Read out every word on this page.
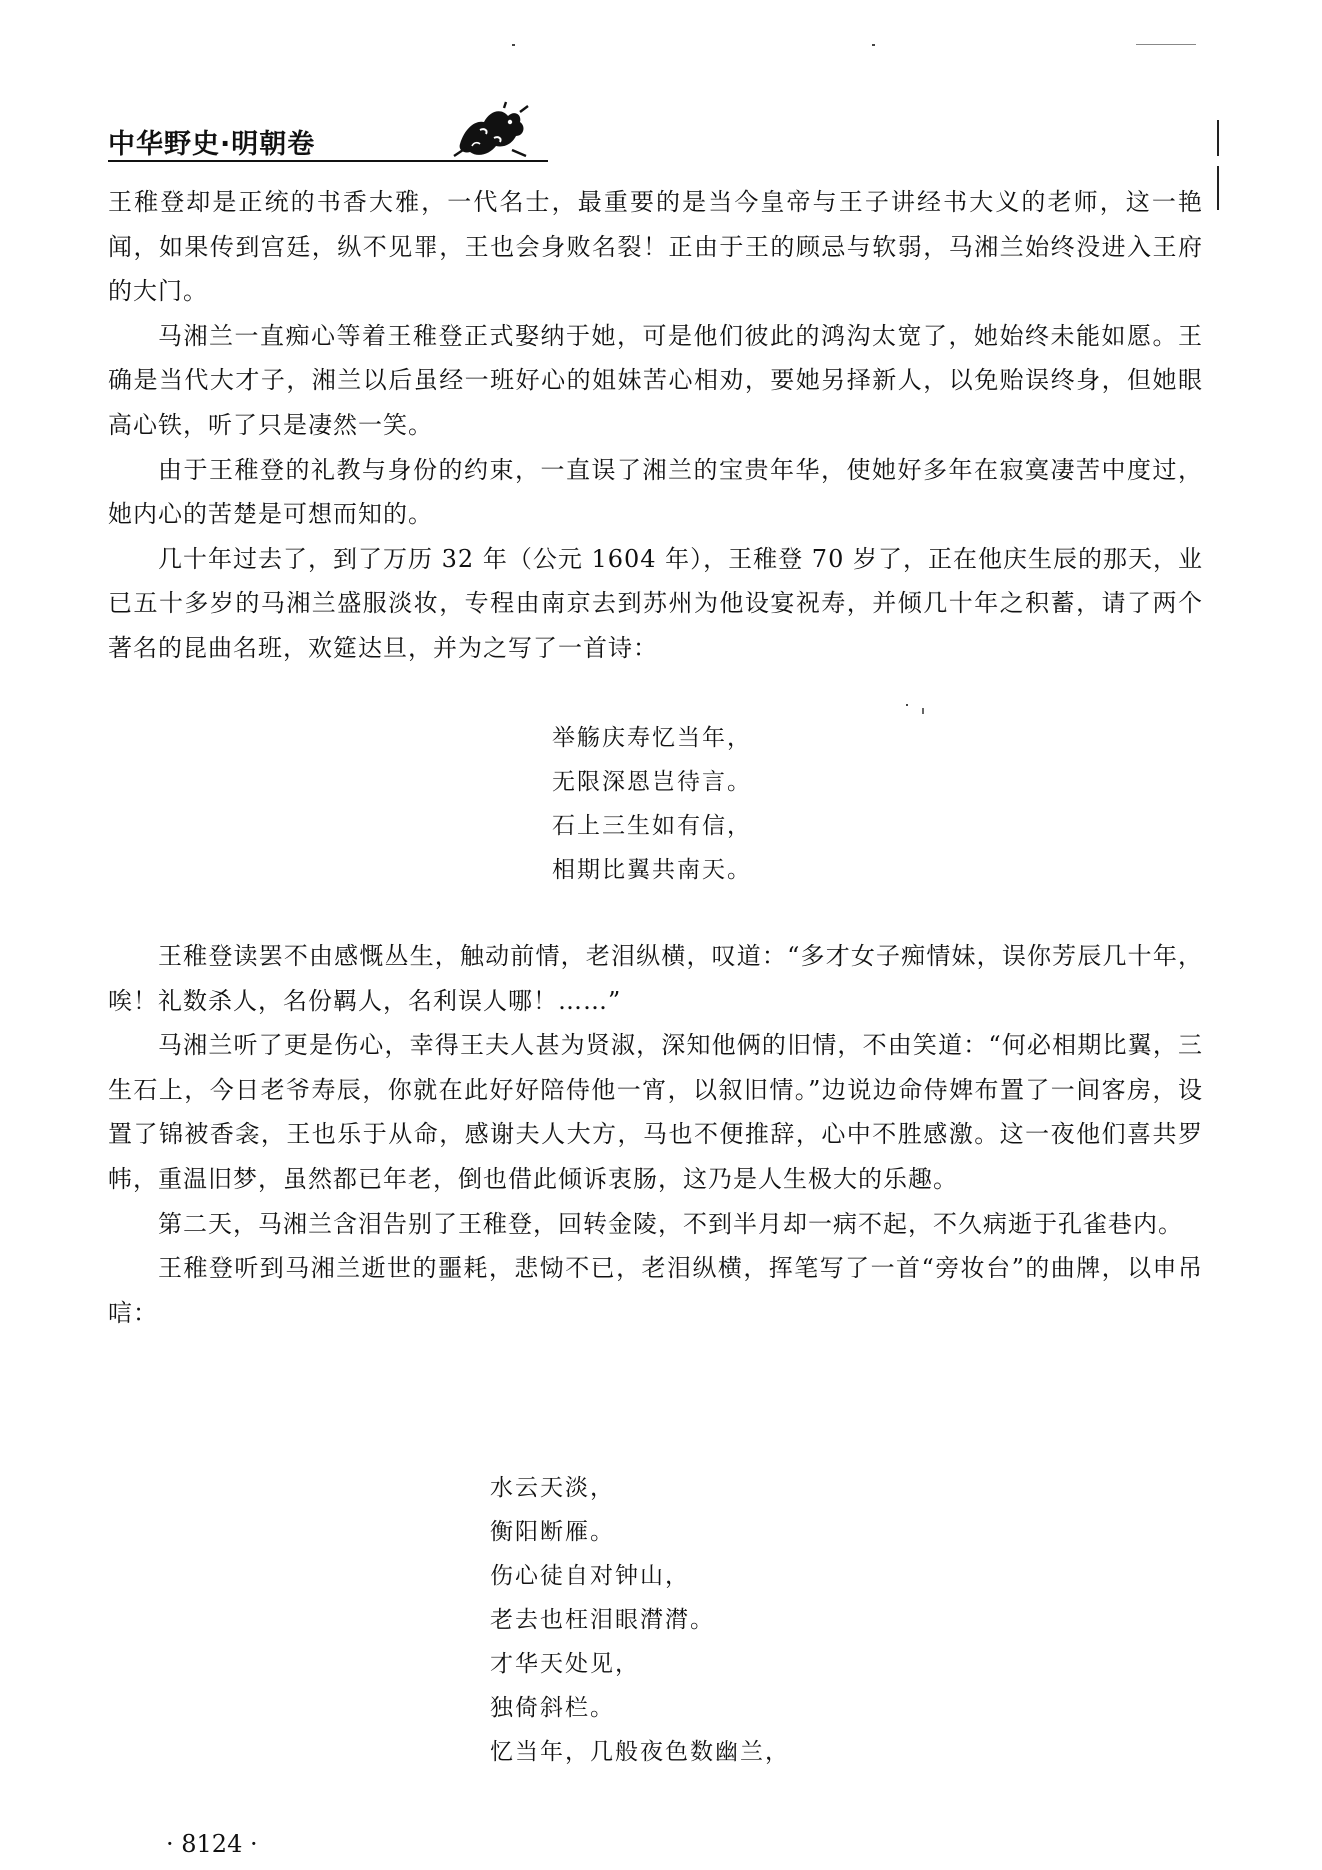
中华野史·明朝卷

王稚登却是正统的书香大雅，一代名士，最重要的是当今皇帝与王子讲经书大义的老师，这一艳闻，如果传到宫廷，纵不见罪，王也会身败名裂！正由于王的顾忌与软弱，马湘兰始终没进入王府的大门。

马湘兰一直痴心等着王稚登正式娶纳于她，可是他们彼此的鸿沟太宽了，她始终未能如愿。王确是当代大才子，湘兰以后虽经一班好心的姐妹苦心相劝，要她另择新人，以免贻误终身，但她眼高心铁，听了只是凄然一笑。

由于王稚登的礼教与身份的约束，一直误了湘兰的宝贵年华，使她好多年在寂寞凄苦中度过，她内心的苦楚是可想而知的。

几十年过去了，到了万历 32 年（公元 1604 年），王稚登 70 岁了，正在他庆生辰的那天，业已五十多岁的马湘兰盛服淡妆，专程由南京去到苏州为他设宴祝寿，并倾几十年之积蓄，请了两个著名的昆曲名班，欢筵达旦，并为之写了一首诗：

举觞庆寿忆当年，
无限深恩岂待言。
石上三生如有信，
相期比翼共南天。

王稚登读罢不由感慨丛生，触动前情，老泪纵横，叹道：“多才女子痴情妹，误你芳辰几十年，唉！礼数杀人，名份羁人，名利误人哪！……”

马湘兰听了更是伤心，幸得王夫人甚为贤淑，深知他俩的旧情，不由笑道：“何必相期比翼，三生石上，今日老爷寿辰，你就在此好好陪侍他一宵，以叙旧情。”边说边命侍婢布置了一间客房，设置了锦被香衾，王也乐于从命，感谢夫人大方，马也不便推辞，心中不胜感激。这一夜他们喜共罗帏，重温旧梦，虽然都已年老，倒也借此倾诉衷肠，这乃是人生极大的乐趣。

第二天，马湘兰含泪告别了王稚登，回转金陵，不到半月却一病不起，不久病逝于孔雀巷内。

王稚登听到马湘兰逝世的噩耗，悲恸不已，老泪纵横，挥笔写了一首“旁妆台”的曲牌，以申吊唁：

水云天淡，
衡阳断雁。
伤心徒自对钟山，
老去也枉泪眼潸潸。
才华天处见，
独倚斜栏。
忆当年，几般夜色数幽兰，
· 8124 ·
